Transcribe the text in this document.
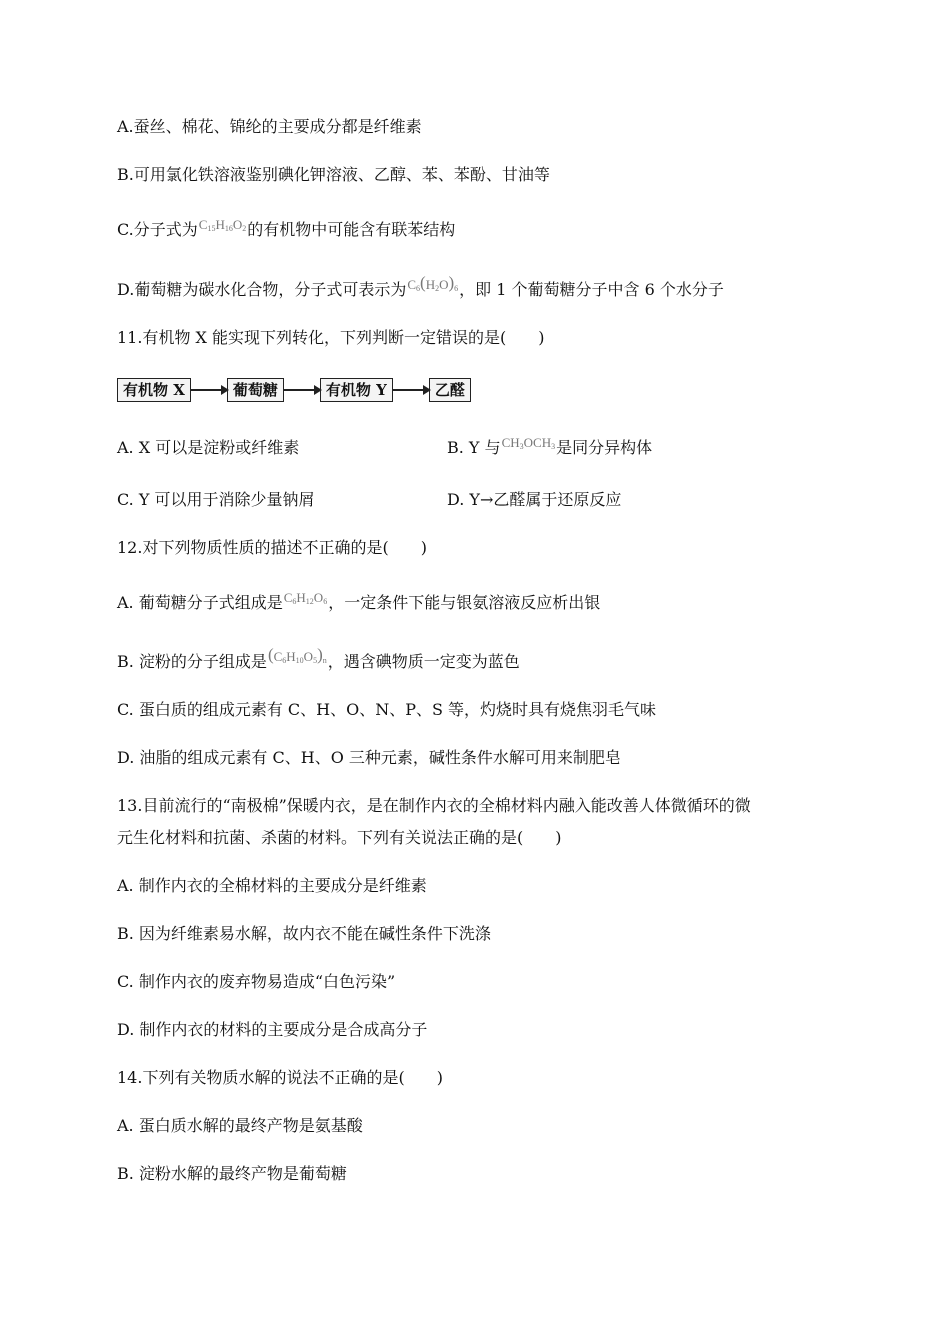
A.蚕丝、棉花、锦纶的主要成分都是纤维素
B.可用氯化铁溶液鉴别碘化钾溶液、乙醇、苯、苯酚、甘油等
C.分子式为$^{C_{15}H_{16}O_2}$的有机物中可能含有联苯结构
D.葡萄糖为碳水化合物，分子式可表示为$^{C_6(H_2O)_6}$，即 1 个葡萄糖分子中含 6 个水分子
11.有机物 X 能实现下列转化，下列判断一定错误的是(　　)
有机物 X	葡萄糖	有机物 Y	乙醛
A. X 可以是淀粉或纤维素	B. Y 与$^{CH_3OCH_3}$是同分异构体
C. Y 可以用于消除少量钠屑	D. Y→乙醛属于还原反应
12.对下列物质性质的描述不正确的是(　　)
A. 葡萄糖分子式组成是$^{C_6H_{12}O_6}$，一定条件下能与银氨溶液反应析出银
B. 淀粉的分子组成是$^{(C_6H_{10}O_5)_n}$，遇含碘物质一定变为蓝色
C. 蛋白质的组成元素有 C、H、O、N、P、S 等，灼烧时具有烧焦羽毛气味
D. 油脂的组成元素有 C、H、O 三种元素，碱性条件水解可用来制肥皂
13.目前流行的“南极棉”保暖内衣，是在制作内衣的全棉材料内融入能改善人体微循环的微
元生化材料和抗菌、杀菌的材料。下列有关说法正确的是(　　)
A. 制作内衣的全棉材料的主要成分是纤维素
B. 因为纤维素易水解，故内衣不能在碱性条件下洗涤
C. 制作内衣的废弃物易造成“白色污染”
D. 制作内衣的材料的主要成分是合成高分子
14.下列有关物质水解的说法不正确的是(　　)
A. 蛋白质水解的最终产物是氨基酸
B. 淀粉水解的最终产物是葡萄糖
